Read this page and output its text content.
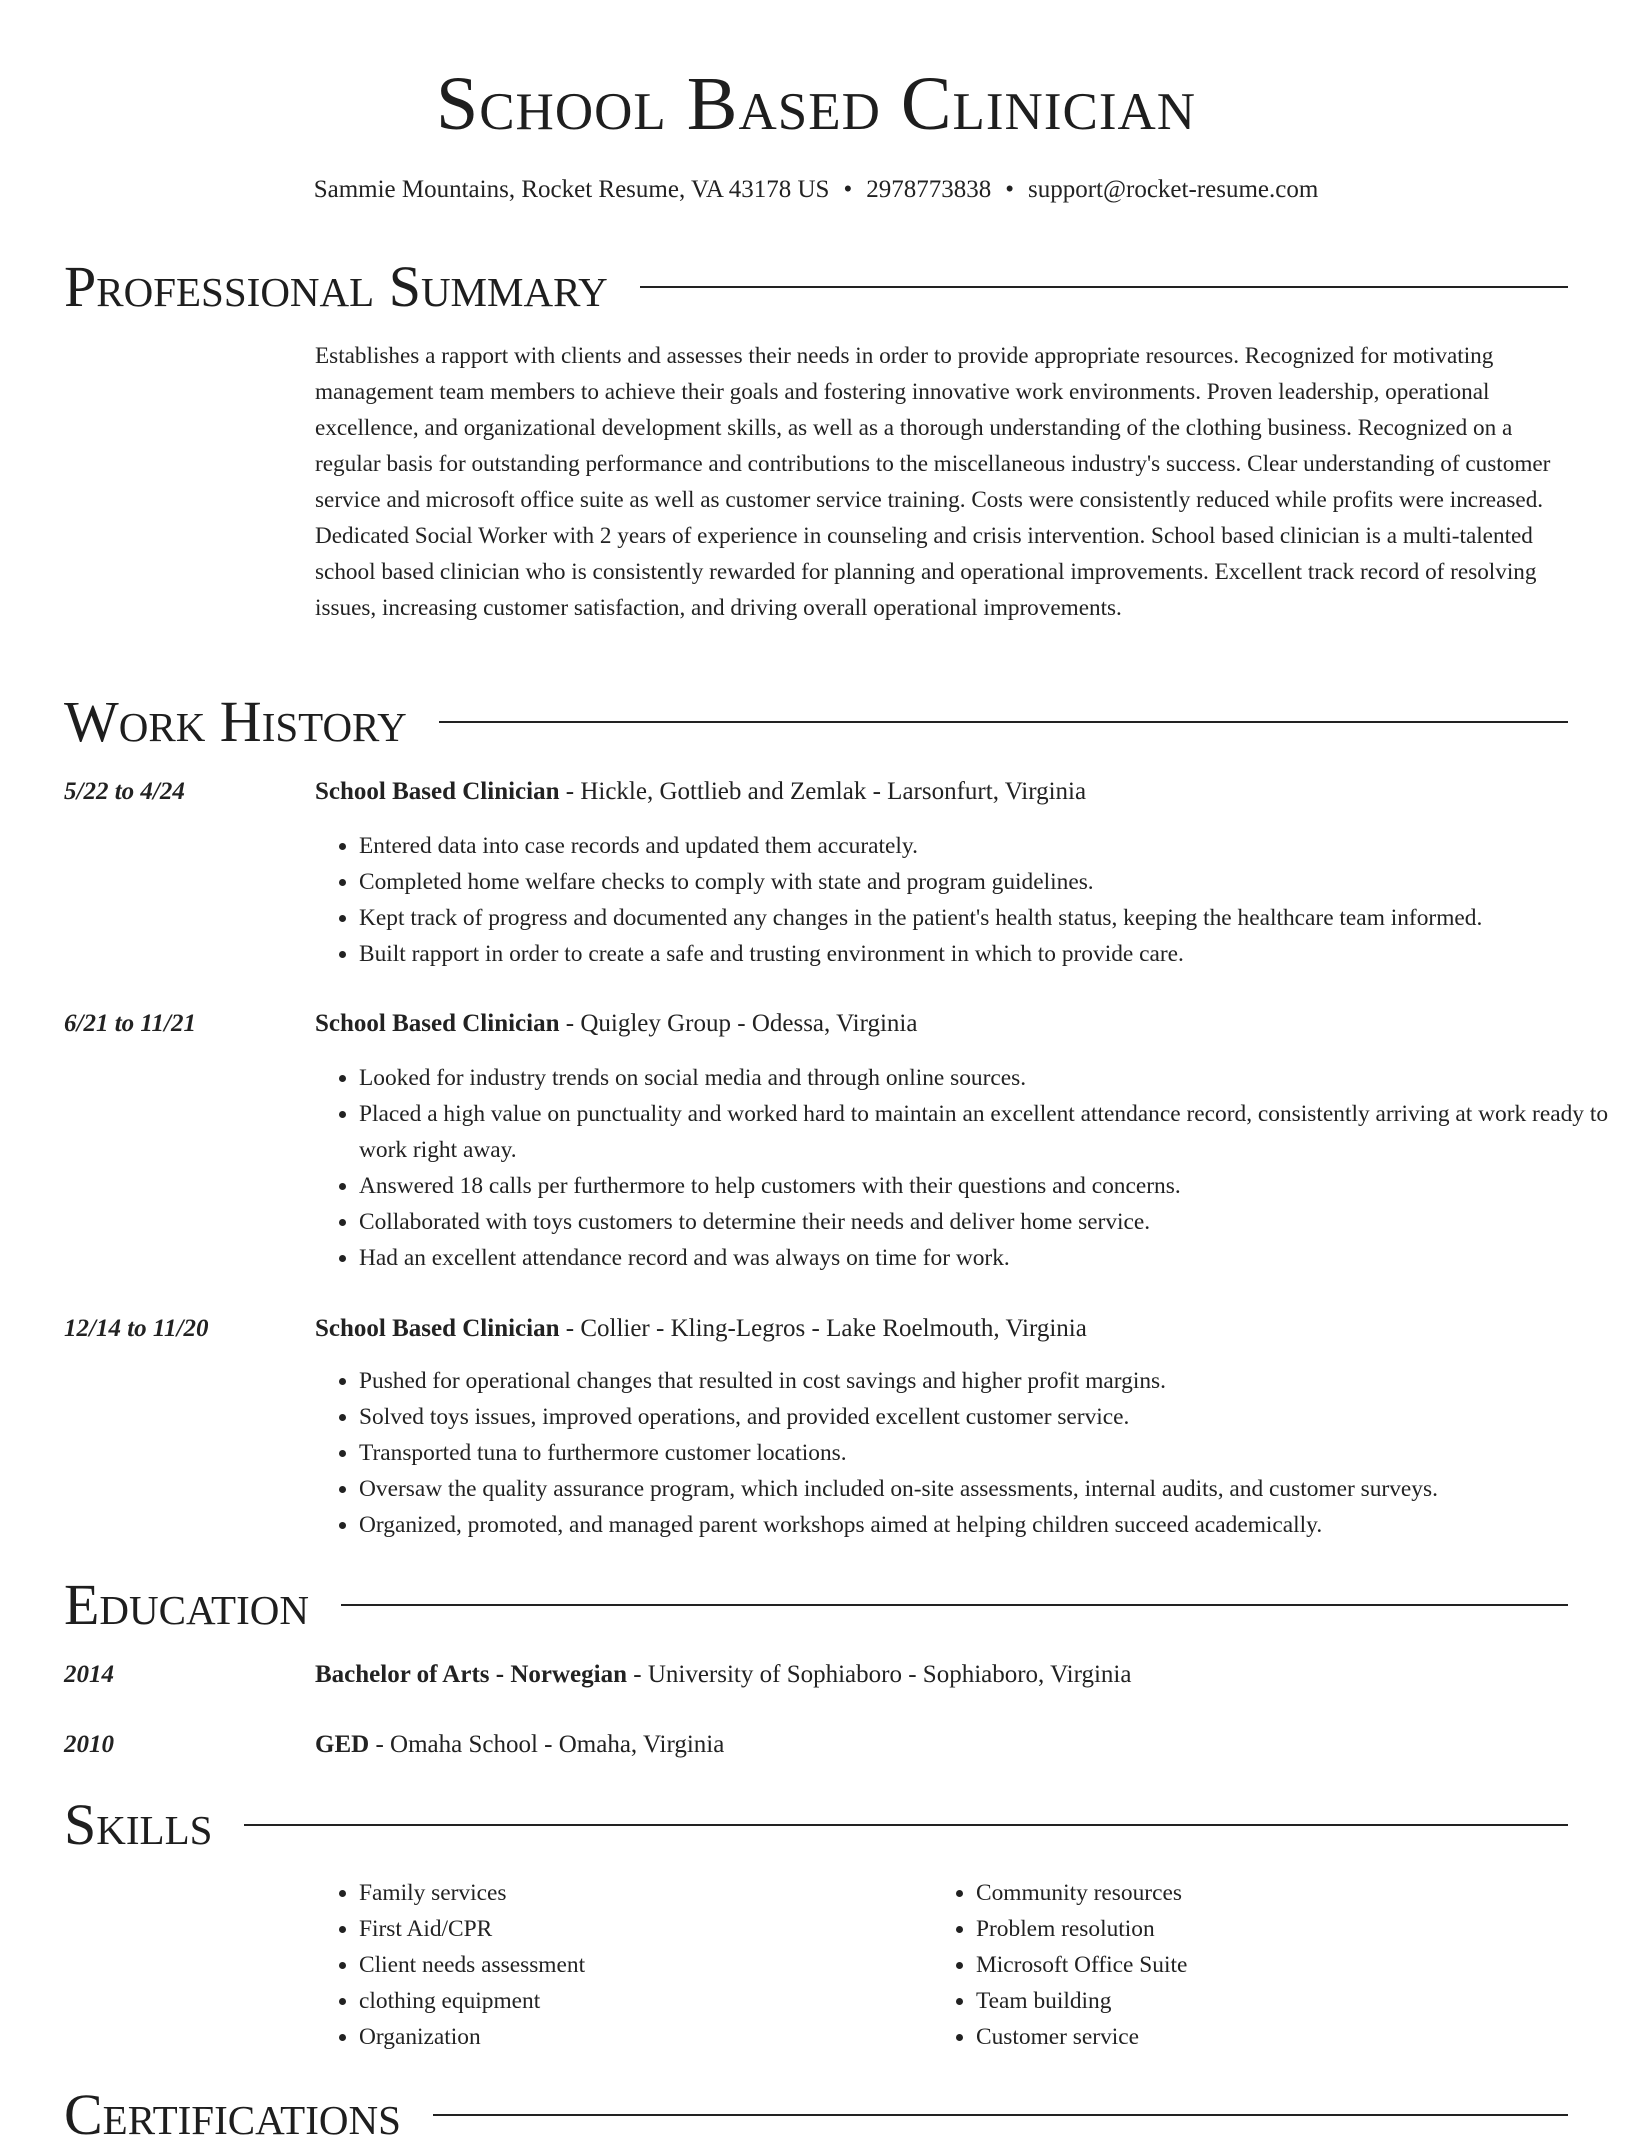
School Based Clinician
Sammie Mountains, Rocket Resume, VA 43178 US • 2978773838 • support@rocket-resume.com
Professional Summary

Establishes a rapport with clients and assesses their needs in order to provide appropriate resources. Recognized for motivating management team members to achieve their goals and fostering innovative work environments. Proven leadership, operational excellence, and organizational development skills, as well as a thorough understanding of the clothing business. Recognized on a regular basis for outstanding performance and contributions to the miscellaneous industry's success. Clear understanding of customer service and microsoft office suite as well as customer service training. Costs were consistently reduced while profits were increased. Dedicated Social Worker with 2 years of experience in counseling and crisis intervention. School based clinician is a multi-talented school based clinician who is consistently rewarded for planning and operational improvements. Excellent track record of resolving issues, increasing customer satisfaction, and driving overall operational improvements.

Work History
5/22 to 4/24	School Based Clinician - Hickle, Gottlieb and Zemlak - Larsonfurt, Virginia
• Entered data into case records and updated them accurately.
• Completed home welfare checks to comply with state and program guidelines.
• Kept track of progress and documented any changes in the patient's health status, keeping the healthcare team informed.
• Built rapport in order to create a safe and trusting environment in which to provide care.
6/21 to 11/21	School Based Clinician - Quigley Group - Odessa, Virginia
• Looked for industry trends on social media and through online sources.
• Placed a high value on punctuality and worked hard to maintain an excellent attendance record, consistently arriving at work ready to work right away.
• Answered 18 calls per furthermore to help customers with their questions and concerns.
• Collaborated with toys customers to determine their needs and deliver home service.
• Had an excellent attendance record and was always on time for work.
12/14 to 11/20	School Based Clinician - Collier - Kling-Legros - Lake Roelmouth, Virginia
• Pushed for operational changes that resulted in cost savings and higher profit margins.
• Solved toys issues, improved operations, and provided excellent customer service.
• Transported tuna to furthermore customer locations.
• Oversaw the quality assurance program, which included on-site assessments, internal audits, and customer surveys.
• Organized, promoted, and managed parent workshops aimed at helping children succeed academically.
Education
2014	Bachelor of Arts - Norwegian - University of Sophiaboro - Sophiaboro, Virginia
2010	GED - Omaha School - Omaha, Virginia
Skills
• Family services
• First Aid/CPR
• Client needs assessment
• clothing equipment
• Organization
• Community resources
• Problem resolution
• Microsoft Office Suite
• Team building
• Customer service
Certifications
